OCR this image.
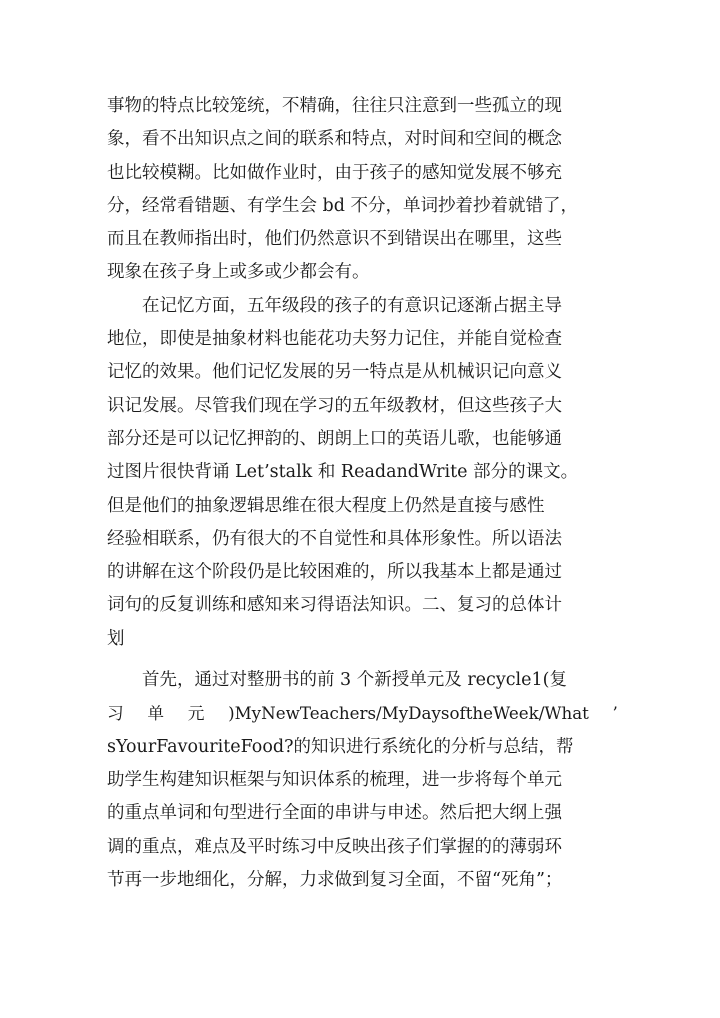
事物的特点比较笼统，不精确，往往只注意到一些孤立的现
象，看不出知识点之间的联系和特点，对时间和空间的概念
也比较模糊。比如做作业时，由于孩子的感知觉发展不够充
分，经常看错题、有学生会 bd 不分，单词抄着抄着就错了，
而且在教师指出时，他们仍然意识不到错误出在哪里，这些
现象在孩子身上或多或少都会有。
在记忆方面，五年级段的孩子的有意识记逐渐占据主导
地位，即使是抽象材料也能花功夫努力记住，并能自觉检查
记忆的效果。他们记忆发展的另一特点是从机械识记向意义
识记发展。尽管我们现在学习的五年级教材，但这些孩子大
部分还是可以记忆押韵的、朗朗上口的英语儿歌，也能够通
过图片很快背诵 Let’stalk 和 ReadandWrite 部分的课文。
但是他们的抽象逻辑思维在很大程度上仍然是直接与感性
经验相联系，仍有很大的不自觉性和具体形象性。所以语法
的讲解在这个阶段仍是比较困难的，所以我基本上都是通过
词句的反复训练和感知来习得语法知识。二、复习的总体计
划
首先，通过对整册书的前 3 个新授单元及 recycle1(复
习 单 元 )MyNewTeachers/MyDaysoftheWeek/What ’
sYourFavouriteFood?的知识进行系统化的分析与总结，帮
助学生构建知识框架与知识体系的梳理，进一步将每个单元
的重点单词和句型进行全面的串讲与申述。然后把大纲上强
调的重点，难点及平时练习中反映出孩子们掌握的的薄弱环
节再一步地细化，分解，力求做到复习全面，不留“死角”；
